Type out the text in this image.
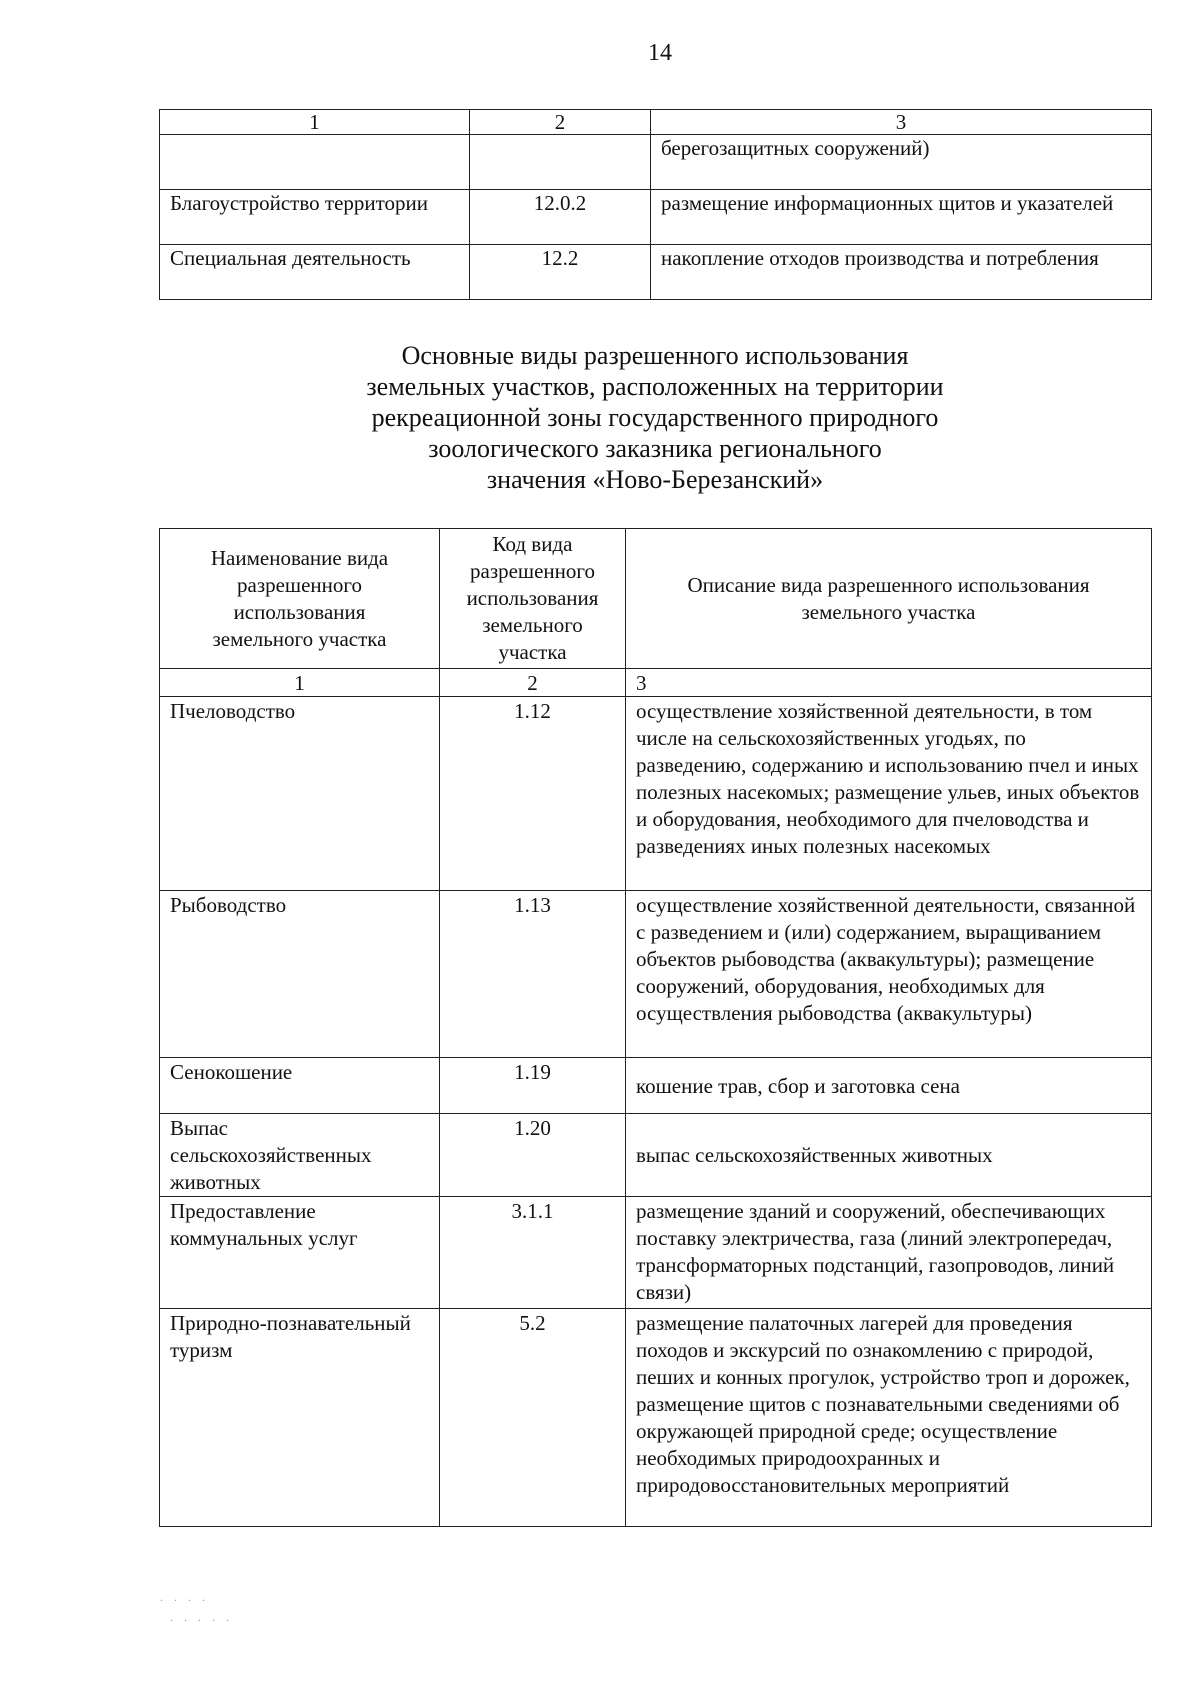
14
1	2	3
		берегозащитных сооружений)
Благоустройство территории	12.0.2	размещение информационных щитов и указателей
Специальная деятельность	12.2	накопление отходов производства и потребления
Основные виды разрешенного использования
земельных участков, расположенных на территории
рекреационной зоны государственного природного
зоологического заказника регионального
значения «Ново-Березанский»
Наименование вида разрешенного использования земельного участка	Код вида разрешенного использования земельного участка	Описание вида разрешенного использования земельного участка
1	2	3
Пчеловодство	1.12	осуществление хозяйственной деятельности, в том числе на сельскохозяйственных угодьях, по разведению, содержанию и использованию пчел и иных полезных насекомых; размещение ульев, иных объектов и оборудования, необходимого для пчеловодства и разведениях иных полезных насекомых
Рыбоводство	1.13	осуществление хозяйственной деятельности, связанной с разведением и (или) содержанием, выращиванием объектов рыбоводства (аквакультуры); размещение сооружений, оборудования, необходимых для осуществления рыбоводства (аквакультуры)
Сенокошение	1.19	кошение трав, сбор и заготовка сена
Выпас сельскохозяйственных животных	1.20	выпас сельскохозяйственных животных
Предоставление коммунальных услуг	3.1.1	размещение зданий и сооружений, обеспечивающих поставку электричества, газа (линий электропередач, трансформаторных подстанций, газопроводов, линий связи)
Природно-познавательный туризм	5.2	размещение палаточных лагерей для проведения походов и экскурсий по ознакомлению с природой, пеших и конных прогулок, устройство троп и дорожек, размещение щитов с познавательными сведениями об окружающей природной среде; осуществление необходимых природоохранных и природовосстановительных мероприятий
. . . .
. . . . .
